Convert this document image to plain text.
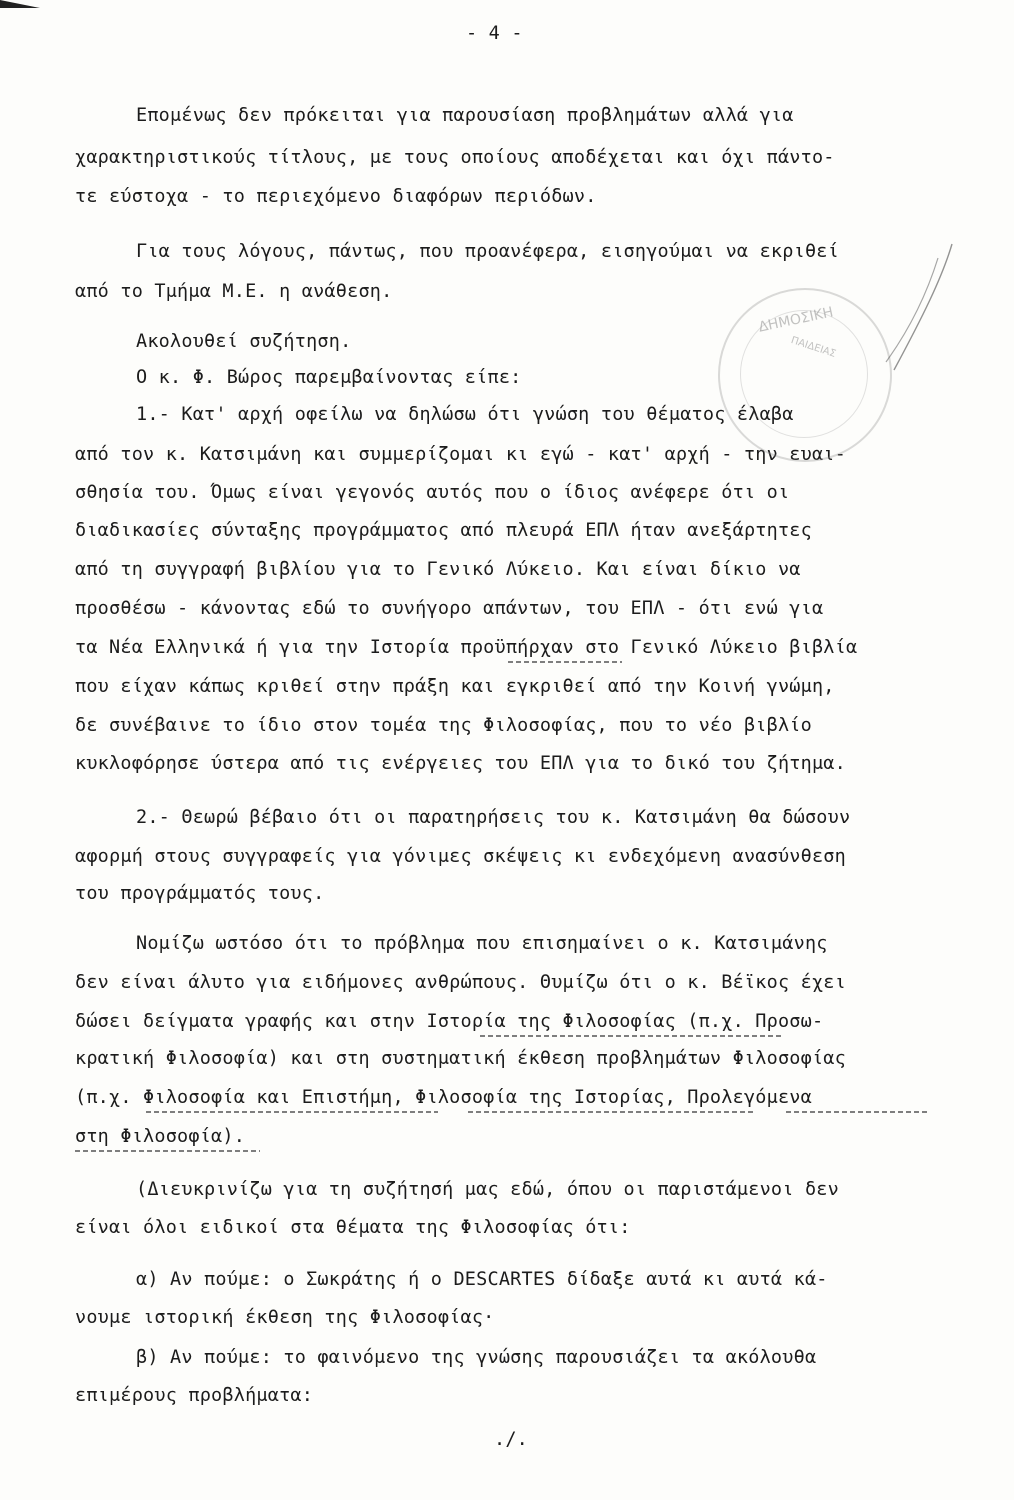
- 4 -
Επομένως δεν πρόκειται για παρουσίαση προβλημάτων αλλά για
χαρακτηριστικούς τίτλους, με τους οποίους αποδέχεται και όχι πάντο-
τε εύστοχα - το περιεχόμενο διαφόρων περιόδων.
Για τους λόγους, πάντως, που προανέφερα, εισηγούμαι να εκριθεί
από το Τμήμα Μ.Ε. η ανάθεση.
Ακολουθεί συζήτηση.
Ο κ. Φ. Βώρος παρεμβαίνοντας είπε:
1.- Κατ' αρχή οφείλω να δηλώσω ότι γνώση του θέματος έλαβα
από τον κ. Κατσιμάνη και συμμερίζομαι κι εγώ - κατ' αρχή - την ευαι-
σθησία του. Όμως είναι γεγονός αυτός που ο ίδιος ανέφερε ότι οι
διαδικασίες σύνταξης προγράμματος από πλευρά ΕΠΛ ήταν ανεξάρτητες
από τη συγγραφή βιβλίου για το Γενικό Λύκειο. Και είναι δίκιο να
προσθέσω - κάνοντας εδώ το συνήγορο απάντων, του ΕΠΛ - ότι ενώ για
τα Νέα Ελληνικά ή για την Ιστορία προϋπήρχαν στο Γενικό Λύκειο βιβλία
που είχαν κάπως κριθεί στην πράξη και εγκριθεί από την Κοινή γνώμη,
δε συνέβαινε το ίδιο στον τομέα της Φιλοσοφίας, που το νέο βιβλίο
κυκλοφόρησε ύστερα από τις ενέργειες του ΕΠΛ για το δικό του ζήτημα.
2.- Θεωρώ βέβαιο ότι οι παρατηρήσεις του κ. Κατσιμάνη θα δώσουν
αφορμή στους συγγραφείς για γόνιμες σκέψεις κι ενδεχόμενη ανασύνθεση
του προγράμματός τους.
Νομίζω ωστόσο ότι το πρόβλημα που επισημαίνει ο κ. Κατσιμάνης
δεν είναι άλυτο για ειδήμονες ανθρώπους. Θυμίζω ότι ο κ. Βέϊκος έχει
δώσει δείγματα γραφής και στην Ιστορία της Φιλοσοφίας (π.χ. Προσω-
κρατική Φιλοσοφία) και στη συστηματική έκθεση προβλημάτων Φιλοσοφίας
(π.χ. Φιλοσοφία και Επιστήμη, Φιλοσοφία της Ιστορίας, Προλεγόμενα
στη Φιλοσοφία).
(Διευκρινίζω για τη συζήτησή μας εδώ, όπου οι παριστάμενοι δεν
είναι όλοι ειδικοί στα θέματα της Φιλοσοφίας ότι:
α) Αν πούμε: ο Σωκράτης ή ο DESCARTES δίδαξε αυτά κι αυτά κά-
νουμε ιστορική έκθεση της Φιλοσοφίας·
β) Αν πούμε: το φαινόμενο της γνώσης παρουσιάζει τα ακόλουθα
επιμέρους προβλήματα:
./.
ΔΗΜΟΣΙΚΗ
ΠΑΙΔΕΙΑΣ
